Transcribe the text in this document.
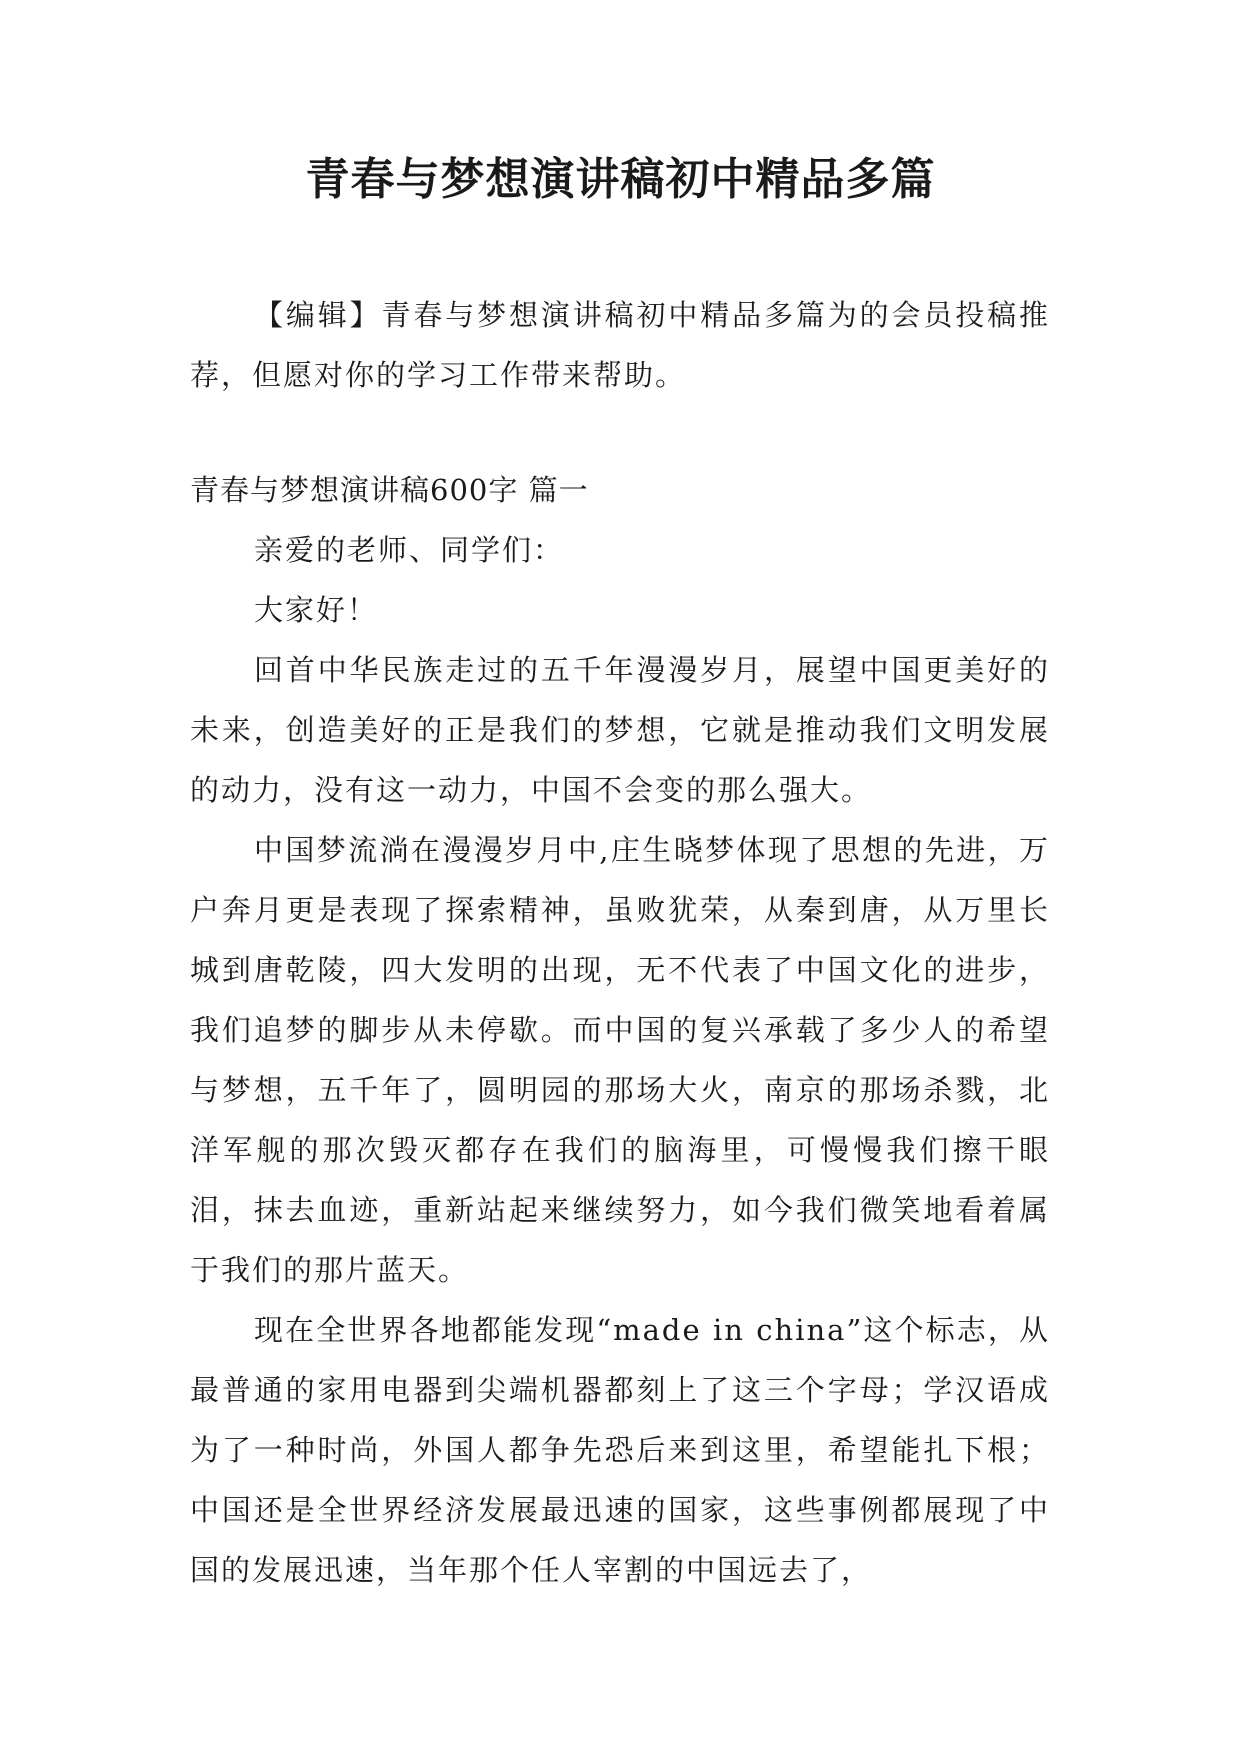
青春与梦想演讲稿初中精品多篇

【编辑】青春与梦想演讲稿初中精品多篇为的会员投稿推荐，但愿对你的学习工作带来帮助。

青春与梦想演讲稿600字 篇一

亲爱的老师、同学们：

大家好！

回首中华民族走过的五千年漫漫岁月，展望中国更美好的未来，创造美好的正是我们的梦想，它就是推动我们文明发展的动力，没有这一动力，中国不会变的那么强大。

中国梦流淌在漫漫岁月中,庄生晓梦体现了思想的先进，万户奔月更是表现了探索精神，虽败犹荣，从秦到唐，从万里长城到唐乾陵，四大发明的出现，无不代表了中国文化的进步，我们追梦的脚步从未停歇。而中国的复兴承载了多少人的希望与梦想，五千年了，圆明园的那场大火，南京的那场杀戮，北洋军舰的那次毁灭都存在我们的脑海里，可慢慢我们擦干眼泪，抹去血迹，重新站起来继续努力，如今我们微笑地看着属于我们的那片蓝天。

现在全世界各地都能发现“made in china”这个标志，从最普通的家用电器到尖端机器都刻上了这三个字母；学汉语成为了一种时尚，外国人都争先恐后来到这里，希望能扎下根；中国还是全世界经济发展最迅速的国家，这些事例都展现了中国的发展迅速，当年那个任人宰割的中国远去了，
